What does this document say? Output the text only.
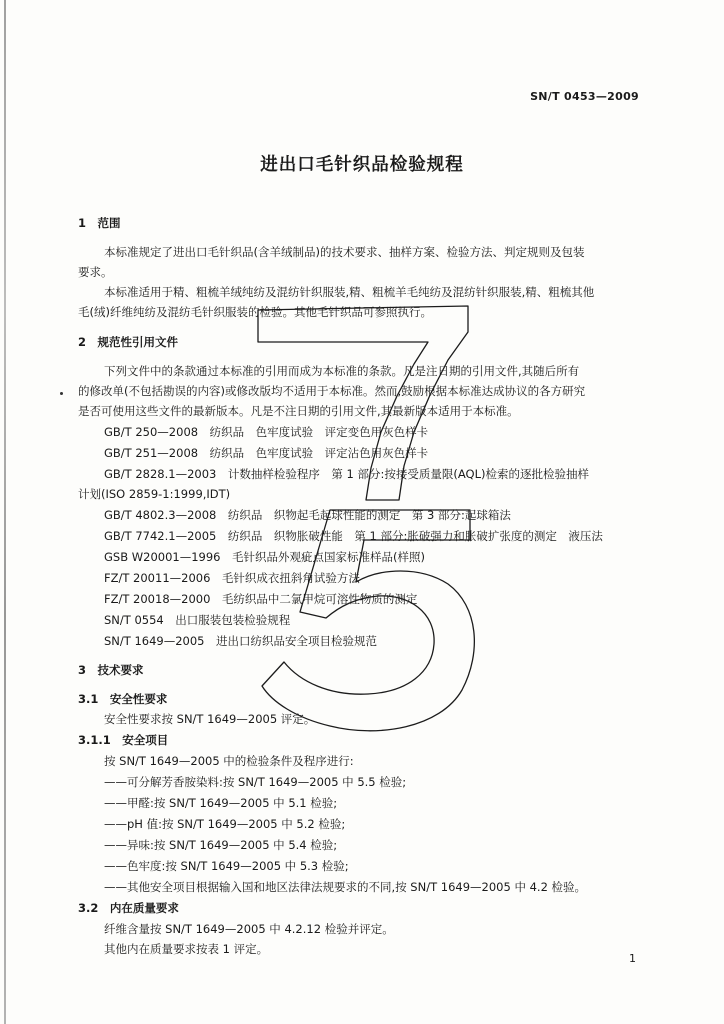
SN/T 0453—2009
进出口毛针织品检验规程
1　范围
本标准规定了进出口毛针织品(含羊绒制品)的技术要求、抽样方案、检验方法、判定规则及包装
要求。
本标准适用于精、粗梳羊绒纯纺及混纺针织服装,精、粗梳羊毛纯纺及混纺针织服装,精、粗梳其他
毛(绒)纤维纯纺及混纺毛针织服装的检验。其他毛针织品可参照执行。
2　规范性引用文件
下列文件中的条款通过本标准的引用而成为本标准的条款。凡是注日期的引用文件,其随后所有
的修改单(不包括勘误的内容)或修改版均不适用于本标准。然而,鼓励根据本标准达成协议的各方研究
是否可使用这些文件的最新版本。凡是不注日期的引用文件,其最新版本适用于本标准。
GB/T 250—2008　纺织品　色牢度试验　评定变色用灰色样卡
GB/T 251—2008　纺织品　色牢度试验　评定沾色用灰色样卡
GB/T 2828.1—2003　计数抽样检验程序　第 1 部分:按接受质量限(AQL)检索的逐批检验抽样
计划(ISO 2859-1:1999,IDT)
GB/T 4802.3—2008　纺织品　织物起毛起球性能的测定　第 3 部分:起球箱法
GB/T 7742.1—2005　纺织品　织物胀破性能　第 1 部分:胀破强力和胀破扩张度的测定　液压法
GSB W20001—1996　毛针织品外观疵点国家标准样品(样照)
FZ/T 20011—2006　毛针织成衣扭斜角试验方法
FZ/T 20018—2000　毛纺织品中二氯甲烷可溶性物质的测定
SN/T 0554　出口服装包装检验规程
SN/T 1649—2005　进出口纺织品安全项目检验规范
3　技术要求
3.1　安全性要求
安全性要求按 SN/T 1649—2005 评定。
3.1.1　安全项目
按 SN/T 1649—2005 中的检验条件及程序进行:
——可分解芳香胺染料:按 SN/T 1649—2005 中 5.5 检验;
——甲醛:按 SN/T 1649—2005 中 5.1 检验;
——pH 值:按 SN/T 1649—2005 中 5.2 检验;
——异味:按 SN/T 1649—2005 中 5.4 检验;
——色牢度:按 SN/T 1649—2005 中 5.3 检验;
——其他安全项目根据输入国和地区法律法规要求的不同,按 SN/T 1649—2005 中 4.2 检验。
3.2　内在质量要求
纤维含量按 SN/T 1649—2005 中 4.2.12 检验并评定。
其他内在质量要求按表 1 评定。
1
